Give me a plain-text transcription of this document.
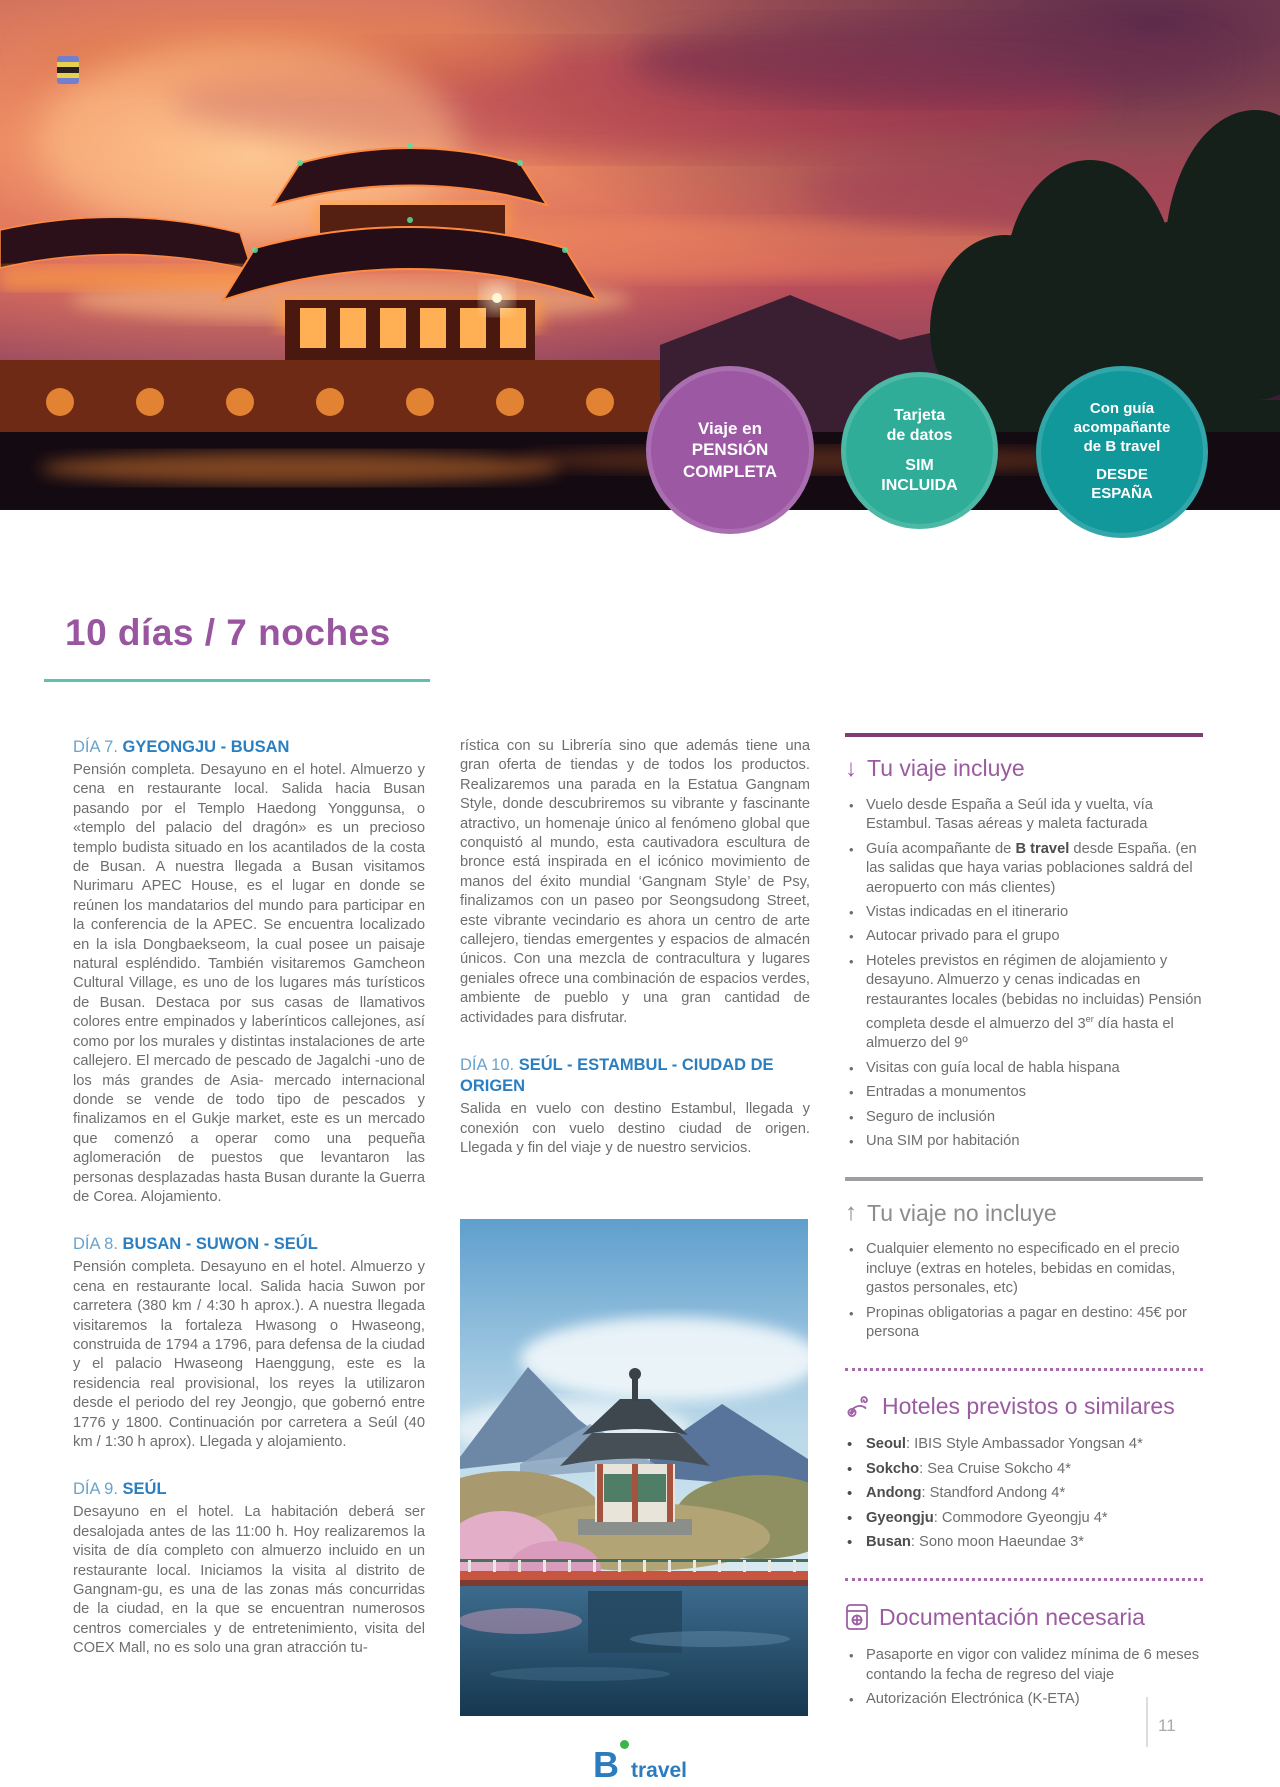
Viaje en
PENSIÓN
COMPLETA
Tarjeta
de datos
SIM
INCLUIDA
Con guía
acompañante
de B travel
DESDE
ESPAÑA
10 días / 7 noches
DÍA 7. GYEONGJU - BUSAN
Pensión completa. Desayuno en el hotel. Almuerzo y cena en restaurante local. Salida hacia Busan pasando por el Templo Haedong Yonggunsa, o «templo del palacio del dragón» es un precioso templo budista situado en los acantilados de la costa de Busan. A nuestra llegada a Busan visitamos Nurimaru APEC House, es el lugar en donde se reúnen los mandatarios del mundo para participar en la conferencia de la APEC. Se encuentra localizado en la isla Dongbaekseom, la cual posee un paisaje natural espléndido. También visitaremos Gamcheon Cultural Village, es uno de los lugares más turísticos de Busan. Destaca por sus casas de llamativos colores entre empinados y laberínticos callejones, así como por los murales y distintas instalaciones de arte callejero. El mercado de pescado de Jagalchi -uno de los más grandes de Asia- mercado internacional donde se vende de todo tipo de pescados y finalizamos en el Gukje market, este es un mercado que comenzó a operar como una pequeña aglomeración de puestos que levantaron las personas desplazadas hasta Busan durante la Guerra de Corea. Alojamiento.
DÍA 8. BUSAN - SUWON - SEÚL
Pensión completa. Desayuno en el hotel. Almuerzo y cena en restaurante local. Salida hacia Suwon por carretera (380 km / 4:30 h aprox.). A nuestra llegada visitaremos la fortaleza Hwasong o Hwaseong, construida de 1794 a 1796, para defensa de la ciudad y el palacio Hwaseong Haenggung, este es la residencia real provisional, los reyes la utilizaron desde el periodo del rey Jeongjo, que gobernó entre 1776 y 1800. Continuación por carretera a Seúl (40 km / 1:30 h aprox). Llegada y alojamiento.
DÍA 9. SEÚL
Desayuno en el hotel. La habitación deberá ser desalojada antes de las 11:00 h. Hoy realizaremos la visita de día completo con almuerzo incluido en un restaurante local. Iniciamos la visita al distrito de Gangnam-gu, es una de las zonas más concurridas de la ciudad, en la que se encuentran numerosos centros comerciales y de entretenimiento, visita del COEX Mall, no es solo una gran atracción tu-
rística con su Librería sino que además tiene una gran oferta de tiendas y de todos los productos. Realizaremos una parada en la Estatua Gangnam Style, donde descubriremos su vibrante y fascinante atractivo, un homenaje único al fenómeno global que conquistó al mundo, esta cautivadora escultura de bronce está inspirada en el icónico movimiento de manos del éxito mundial ‘Gangnam Style’ de Psy, finalizamos con un paseo por Seongsudong Street, este vibrante vecindario es ahora un centro de arte callejero, tiendas emergentes y espacios de almacén únicos. Con una mezcla de contracultura y lugares geniales ofrece una combinación de espacios verdes, ambiente de pueblo y una gran cantidad de actividades para disfrutar.
DÍA 10. SEÚL - ESTAMBUL - CIUDAD DE ORIGEN
Salida en vuelo con destino Estambul, llegada y conexión con vuelo destino ciudad de origen. Llegada y fin del viaje y de nuestro servicios.
↓ Tu viaje incluye
• Vuelo desde España a Seúl ida y vuelta, vía Estambul. Tasas aéreas y maleta facturada
• Guía acompañante de B travel desde España. (en las salidas que haya varias poblaciones saldrá del aeropuerto con más clientes)
• Vistas indicadas en el itinerario
• Autocar privado para el grupo
• Hoteles previstos en régimen de alojamiento y desayuno. Almuerzo y cenas indicadas en restaurantes locales (bebidas no incluidas) Pensión completa desde el almuerzo del 3er día hasta el almuerzo del 9º
• Visitas con guía local de habla hispana
• Entradas a monumentos
• Seguro de inclusión
• Una SIM por habitación
↑ Tu viaje no incluye
• Cualquier elemento no especificado en el precio incluye (extras en hoteles, bebidas en comidas, gastos personales, etc)
• Propinas obligatorias a pagar en destino: 45€ por persona
Hoteles previstos o similares
• Seoul: IBIS Style Ambassador Yongsan 4*
• Sokcho: Sea Cruise Sokcho 4*
• Andong: Standford Andong 4*
• Gyeongju: Commodore Gyeongju 4*
• Busan: Sono moon Haeundae 3*
Documentación necesaria
• Pasaporte en vigor con validez mínima de 6 meses contando la fecha de regreso del viaje
• Autorización Electrónica (K-ETA)
Btravel
11
